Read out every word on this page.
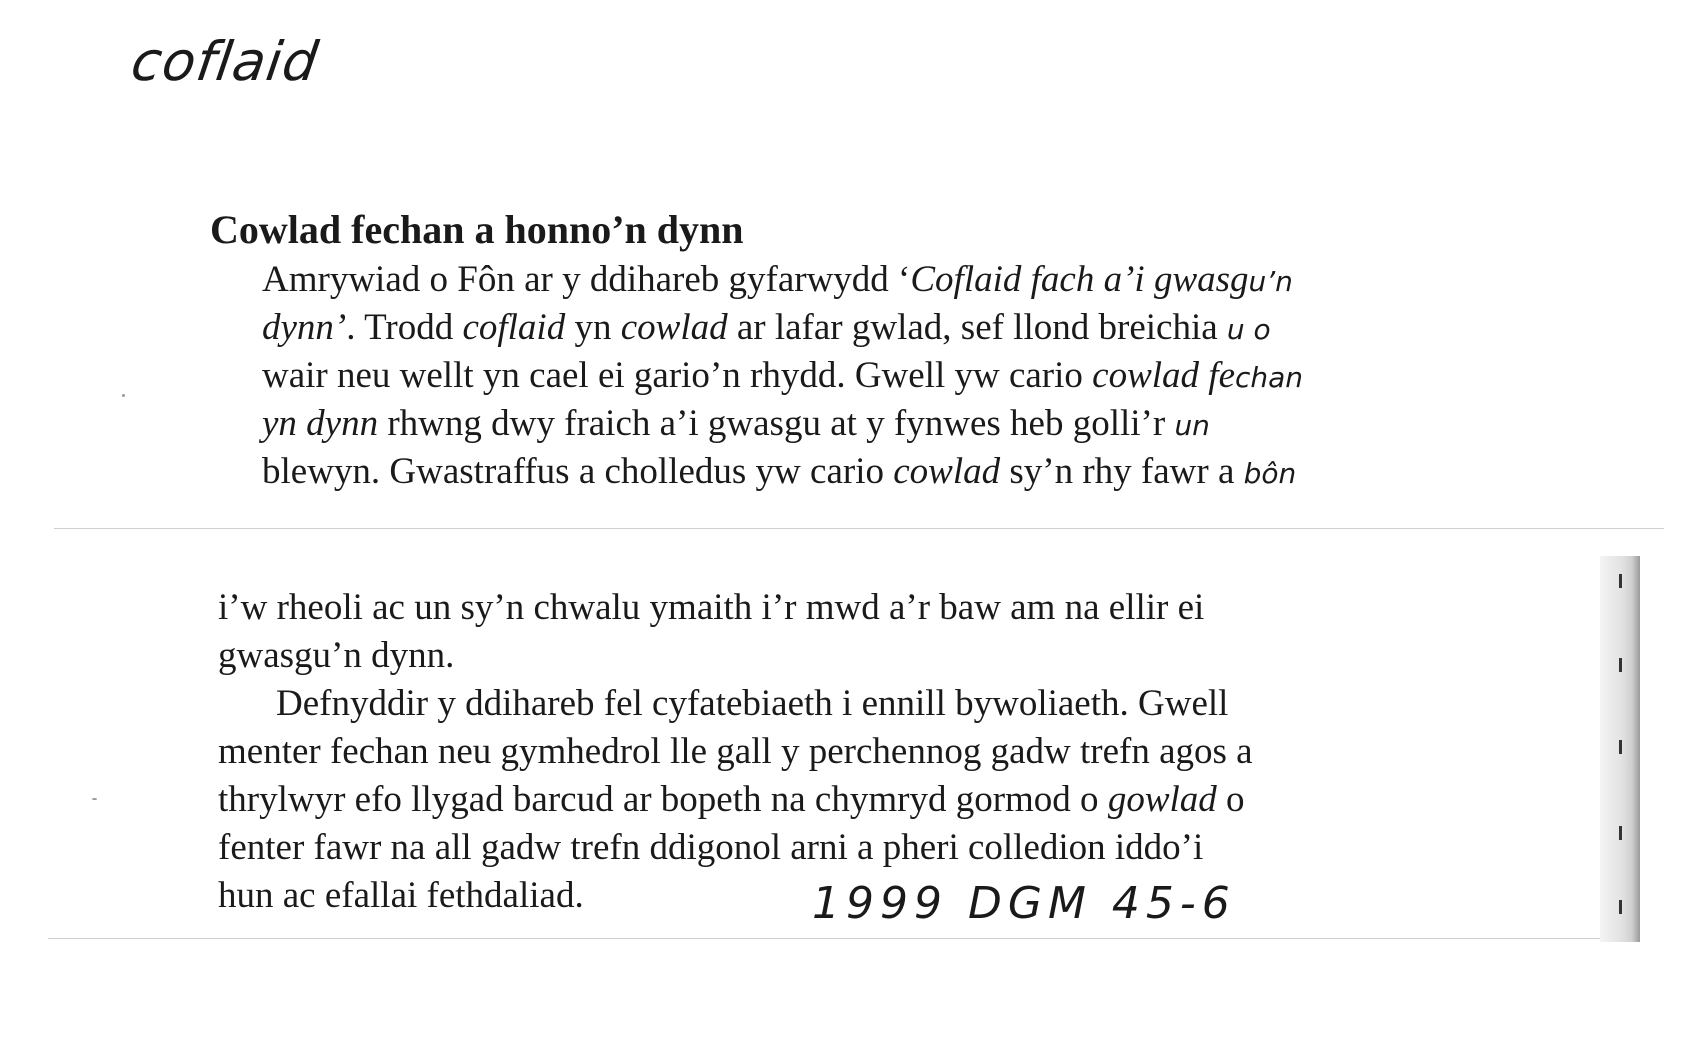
coflaid
Cowlad fechan a honno’n dynn
Amrywiad o Fôn ar y ddihareb gyfarwydd ‘Coflaid fach a’i gwasgu’n
dynn’. Trodd coflaid yn cowlad ar lafar gwlad, sef llond breichia u o
wair neu wellt yn cael ei gario’n rhydd. Gwell yw cario cowlad fechan
yn dynn rhwng dwy fraich a’i gwasgu at y fynwes heb golli’r un
blewyn. Gwastraffus a cholledus yw cario cowlad sy’n rhy fawr a bôn
i’w rheoli ac un sy’n chwalu ymaith i’r mwd a’r baw am na ellir ei
gwasgu’n dynn.
Defnyddir y ddihareb fel cyfatebiaeth i ennill bywoliaeth. Gwell
menter fechan neu gymhedrol lle gall y perchennog gadw trefn agos a
thrylwyr efo llygad barcud ar bopeth na chymryd gormod o gowlad o
fenter fawr na all gadw trefn ddigonol arni a pheri colledion iddo’i
hun ac efallai fethdaliad.	1999 DGM 45-6
